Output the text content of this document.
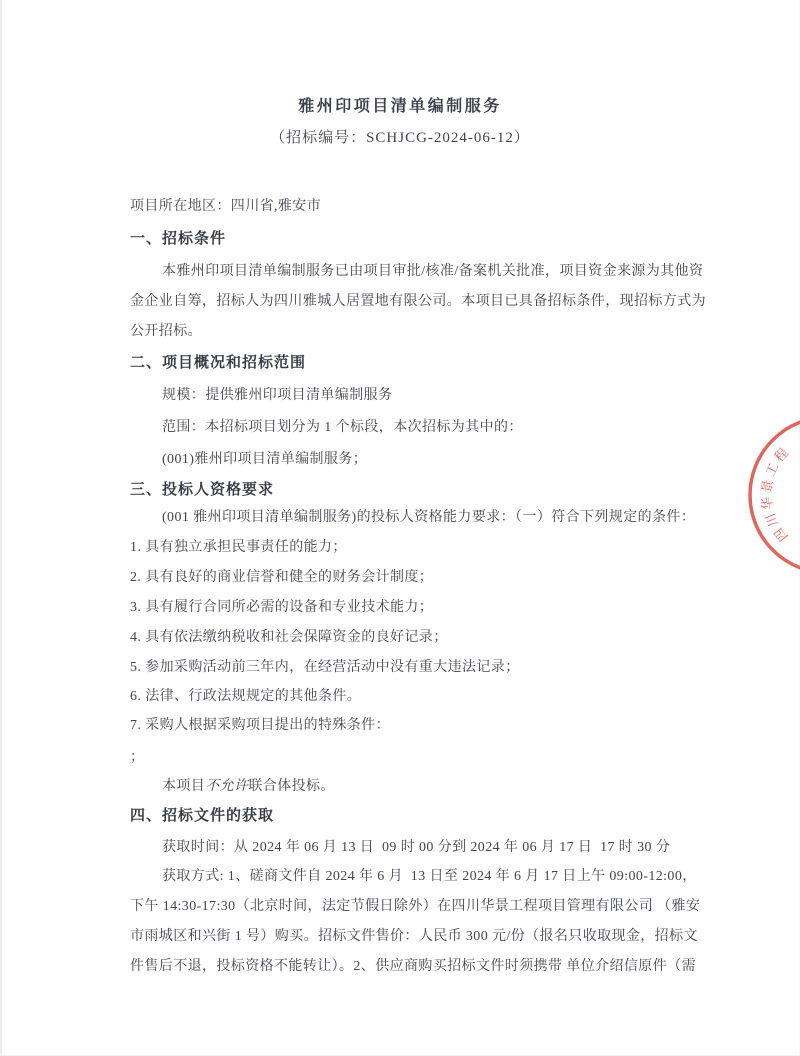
雅州印项目清单编制服务
（招标编号：SCHJCG-2024-06-12）
项目所在地区：四川省,雅安市
一、招标条件
本雅州印项目清单编制服务已由项目审批/核准/备案机关批准，项目资金来源为其他资
金企业自筹，招标人为四川雅城人居置地有限公司。本项目已具备招标条件，现招标方式为
公开招标。
二、项目概况和招标范围
规模：提供雅州印项目清单编制服务
范围：本招标项目划分为 1 个标段，本次招标为其中的：
(001)雅州印项目清单编制服务；
三、投标人资格要求
(001 雅州印项目清单编制服务)的投标人资格能力要求：（一）符合下列规定的条件：
1. 具有独立承担民事责任的能力；
2. 具有良好的商业信誉和健全的财务会计制度；
3. 具有履行合同所必需的设备和专业技术能力；
4. 具有依法缴纳税收和社会保障资金的良好记录；
5. 参加采购活动前三年内，在经营活动中没有重大违法记录；
6. 法律、行政法规规定的其他条件。
7. 采购人根据采购项目提出的特殊条件：
；
本项目不允许联合体投标。
四、招标文件的获取
获取时间：从 2024 年 06 月 13 日  09 时 00 分到 2024 年 06 月 17 日  17 时 30 分
获取方式: 1、磋商文件自 2024 年 6 月  13 日至 2024 年 6 月 17 日上午 09:00-12:00，
下午 14:30-17:30（北京时间，法定节假日除外）在四川华景工程项目管理有限公司 （雅安
市雨城区和兴街 1 号）购买。招标文件售价：人民币 300 元/份（报名只收取现金，招标文
件售后不退，投标资格不能转让）。2、供应商购买招标文件时须携带 单位介绍信原件（需
四川华景工程
